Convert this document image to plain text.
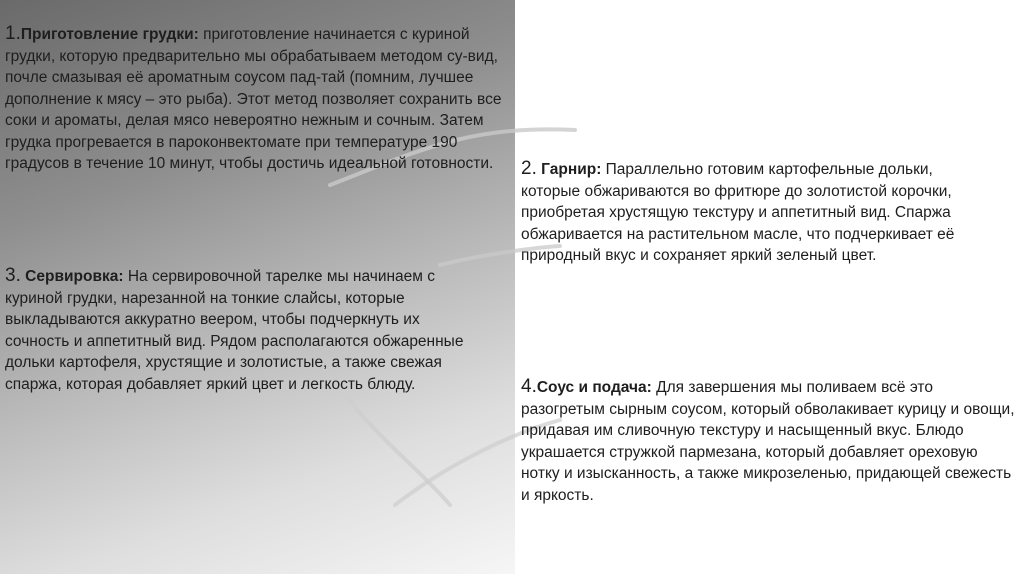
1.Приготовление грудки: приготовление начинается с куриной грудки, которую предварительно мы обрабатываем методом су-вид, почле смазывая её ароматным соусом пад-тай (помним, лучшее дополнение к мясу – это рыба). Этот метод позволяет сохранить все соки и ароматы, делая мясо невероятно нежным и сочным. Затем грудка прогревается в пароконвектомате при температуре 190 градусов в течение 10 минут, чтобы достичь идеальной готовности.
3. Сервировка: На сервировочной тарелке мы начинаем с куриной грудки, нарезанной на тонкие слайсы, которые выкладываются аккуратно веером, чтобы подчеркнуть их сочность и аппетитный вид. Рядом располагаются обжаренные дольки картофеля, хрустящие и золотистые, а также свежая спаржа, которая добавляет яркий цвет и легкость блюду.
2. Гарнир: Параллельно готовим картофельные дольки, которые обжариваются во фритюре до золотистой корочки, приобретая хрустящую текстуру и аппетитный вид. Спаржа обжаривается на растительном масле, что подчеркивает её природный вкус и сохраняет яркий зеленый цвет.
4.Соус и подача: Для завершения мы поливаем всё это разогретым сырным соусом, который обволакивает курицу и овощи, придавая им сливочную текстуру и насыщенный вкус. Блюдо украшается стружкой пармезана, который добавляет ореховую нотку и изысканность, а также микрозеленью, придающей свежесть и яркость.
